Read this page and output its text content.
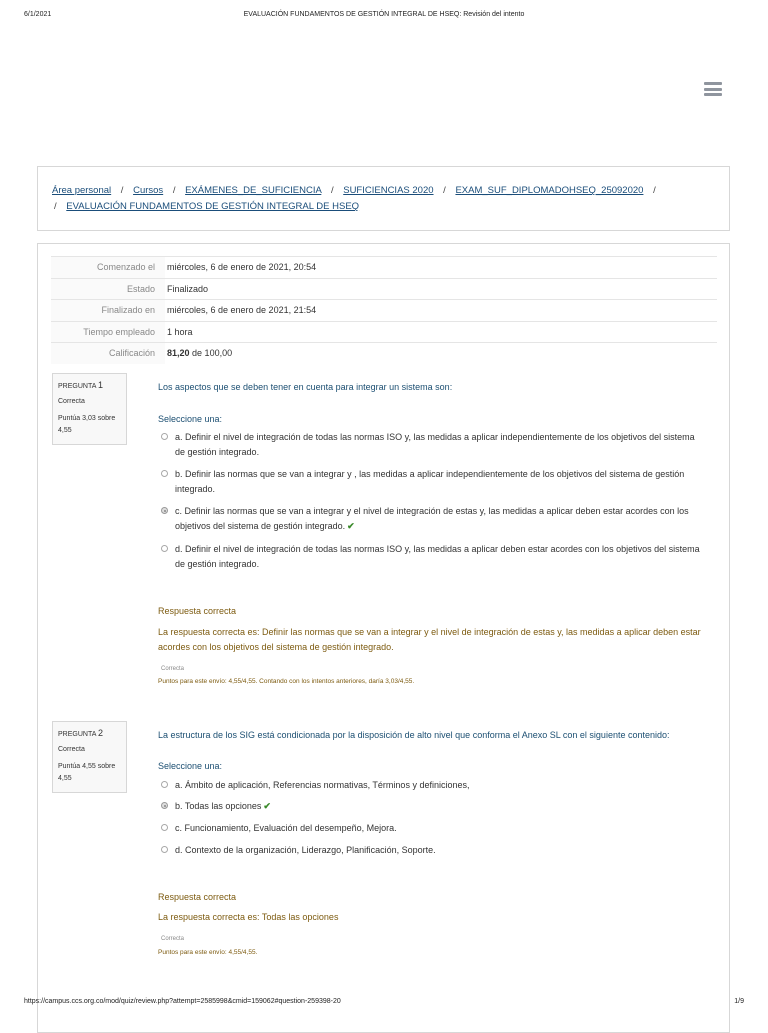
6/1/2021	EVALUACIÓN FUNDAMENTOS DE GESTIÓN INTEGRAL DE HSEQ: Revisión del intento
Área personal / Cursos / EXÁMENES_DE_SUFICIENCIA / SUFICIENCIAS 2020 / EXAM_SUF_DIPLOMADOHSEQ_25092020 /
/ EVALUACIÓN FUNDAMENTOS DE GESTIÓN INTEGRAL DE HSEQ
Comenzado el	miércoles, 6 de enero de 2021, 20:54
Estado	Finalizado
Finalizado en	miércoles, 6 de enero de 2021, 21:54
Tiempo empleado	1 hora
Calificación	81,20 de 100,00
PREGUNTA 1
Correcta
Puntúa 3,03 sobre 4,55
Los aspectos que se deben tener en cuenta para integrar un sistema son:
Seleccione una:
a. Definir el nivel de integración de todas las normas ISO y, las medidas a aplicar independientemente de los objetivos del sistema de gestión integrado.
b. Definir las normas que se van a integrar y , las medidas a aplicar independientemente de los objetivos del sistema de gestión integrado.
c. Definir las normas que se van a integrar y el nivel de integración de estas y, las medidas a aplicar deben estar acordes con los objetivos del sistema de gestión integrado. ✔
d. Definir el nivel de integración de todas las normas ISO y, las medidas a aplicar deben estar acordes con los objetivos del sistema de gestión integrado.
Respuesta correcta
La respuesta correcta es: Definir las normas que se van a integrar y el nivel de integración de estas y, las medidas a aplicar deben estar acordes con los objetivos del sistema de gestión integrado.
Correcta
Puntos para este envío: 4,55/4,55. Contando con los intentos anteriores, daría 3,03/4,55.
PREGUNTA 2
Correcta
Puntúa 4,55 sobre 4,55
La estructura de los SIG está condicionada por la disposición de alto nivel que conforma el Anexo SL con el siguiente contenido:
Seleccione una:
a. Ámbito de aplicación, Referencias normativas, Términos y definiciones,
b. Todas las opciones ✔
c. Funcionamiento, Evaluación del desempeño, Mejora.
d. Contexto de la organización, Liderazgo, Planificación, Soporte.
Respuesta correcta
La respuesta correcta es: Todas las opciones
Correcta
Puntos para este envío: 4,55/4,55.
https://campus.ccs.org.co/mod/quiz/review.php?attempt=2585998&cmid=159062#question-259398-20	1/9
